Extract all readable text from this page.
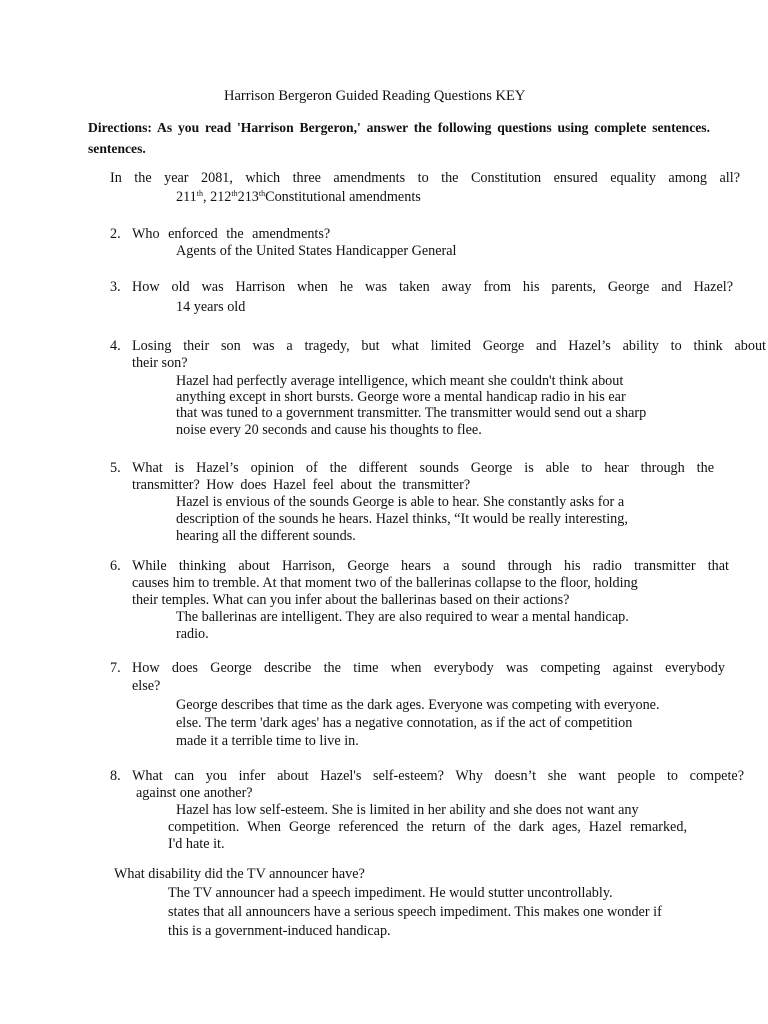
Harrison Bergeron Guided Reading Questions KEY
Directions: As you read 'Harrison Bergeron,' answer the following questions using complete sentences.
sentences.
In the year 2081, which three amendments to the Constitution ensured equality among all?
211th, 212th213thConstitutional amendments
2. Who enforced the amendments?
Agents of the United States Handicapper General
3. How old was Harrison when he was taken away from his parents, George and Hazel?
14 years old
4. Losing their son was a tragedy, but what limited George and Hazel’s ability to think about
their son?
Hazel had perfectly average intelligence, which meant she couldn't think about
anything except in short bursts. George wore a mental handicap radio in his ear
that was tuned to a government transmitter. The transmitter would send out a sharp
noise every 20 seconds and cause his thoughts to flee.
5. What is Hazel’s opinion of the different sounds George is able to hear through the
transmitter? How does Hazel feel about the transmitter?
Hazel is envious of the sounds George is able to hear. She constantly asks for a
description of the sounds he hears. Hazel thinks, “It would be really interesting,
hearing all the different sounds.
6. While thinking about Harrison, George hears a sound through his radio transmitter that
causes him to tremble. At that moment two of the ballerinas collapse to the floor, holding
their temples. What can you infer about the ballerinas based on their actions?
The ballerinas are intelligent. They are also required to wear a mental handicap.
radio.
7. How does George describe the time when everybody was competing against everybody
else?
George describes that time as the dark ages. Everyone was competing with everyone.
else. The term 'dark ages' has a negative connotation, as if the act of competition
made it a terrible time to live in.
8. What can you infer about Hazel's self-esteem? Why doesn’t she want people to compete?
against one another?
Hazel has low self-esteem. She is limited in her ability and she does not want any
competition. When George referenced the return of the dark ages, Hazel remarked,
I'd hate it.
What disability did the TV announcer have?
The TV announcer had a speech impediment. He would stutter uncontrollably.
states that all announcers have a serious speech impediment. This makes one wonder if
this is a government-induced handicap.
